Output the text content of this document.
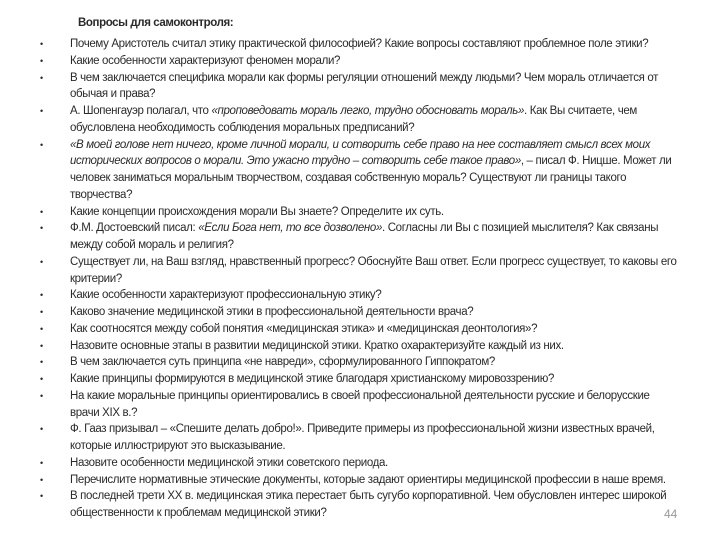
Вопросы для самоконтроля:
• Почему Аристотель считал этику практической философией? Какие вопросы составляют проблемное поле этики?
• Какие особенности характеризуют феномен морали?
• В чем заключается специфика морали как формы регуляции отношений между людьми? Чем мораль отличается от обычая и права?
• А. Шопенгауэр полагал, что «проповедовать мораль легко, трудно обосновать мораль». Как Вы считаете, чем обусловлена необходимость соблюдения моральных предписаний?
• «В моей голове нет ничего, кроме личной морали, и сотворить себе право на нее составляет смысл всех моих исторических вопросов о морали. Это ужасно трудно – сотворить себе такое право», – писал Ф. Ницше. Может ли человек заниматься моральным творчеством, создавая собственную мораль? Существуют ли границы такого творчества?
• Какие концепции происхождения морали Вы знаете? Определите их суть.
• Ф.М. Достоевский писал: «Если Бога нет, то все дозволено». Согласны ли Вы с позицией мыслителя? Как связаны между собой мораль и религия?
• Существует ли, на Ваш взгляд, нравственный прогресс? Обоснуйте Ваш ответ. Если прогресс существует, то каковы его критерии?
• Какие особенности характеризуют профессиональную этику?
• Каково значение медицинской этики в профессиональной деятельности врача?
• Как соотносятся между собой понятия «медицинская этика» и «медицинская деонтология»?
• Назовите основные этапы в развитии медицинской этики. Кратко охарактеризуйте каждый из них.
• В чем заключается суть принципа «не навреди», сформулированного Гиппократом?
• Какие принципы формируются в медицинской этике благодаря христианскому мировоззрению?
• На какие моральные принципы ориентировались в своей профессиональной деятельности русские и белорусские врачи XIX в.?
• Ф. Гааз призывал – «Спешите делать добро!». Приведите примеры из профессиональной жизни известных врачей, которые иллюстрируют это высказывание.
• Назовите особенности медицинской этики советского периода.
• Перечислите нормативные этические документы, которые задают ориентиры медицинской профессии в наше время.
• В последней трети XX в. медицинская этика перестает быть сугубо корпоративной. Чем обусловлен интерес широкой общественности к проблемам медицинской этики?	44
